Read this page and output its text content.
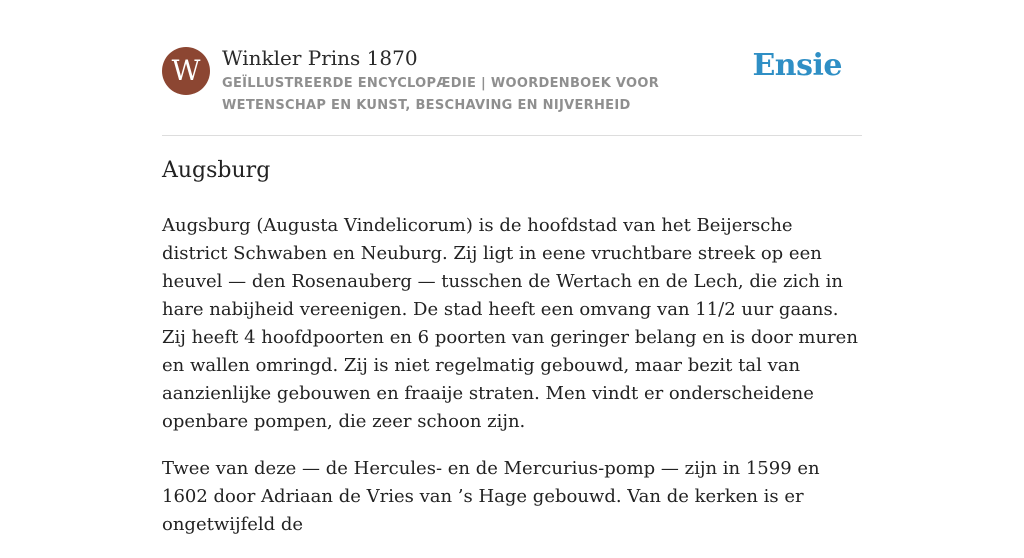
W Winkler Prins 1870
GEÏLLUSTREERDE ENCYCLOPÆDIE | WOORDENBOEK VOOR WETENSCHAP EN KUNST, BESCHAVING EN NIJVERHEID
Ensie
Augsburg

Augsburg (Augusta Vindelicorum) is de hoofdstad van het Beijersche district Schwaben en Neuburg. Zij ligt in eene vruchtbare streek op een heuvel — den Rosenauberg — tusschen de Wertach en de Lech, die zich in hare nabijheid vereenigen. De stad heeft een omvang van 11/2 uur gaans. Zij heeft 4 hoofdpoorten en 6 poorten van geringer belang en is door muren en wallen omringd. Zij is niet regelmatig gebouwd, maar bezit tal van aanzienlijke gebouwen en fraaije straten. Men vindt er onderscheidene openbare pompen, die zeer schoon zijn.

Twee van deze — de Hercules- en de Mercurius-pomp — zijn in 1599 en 1602 door Adriaan de Vries van ’s Hage gebouwd. Van de kerken is er ongetwijfeld de
